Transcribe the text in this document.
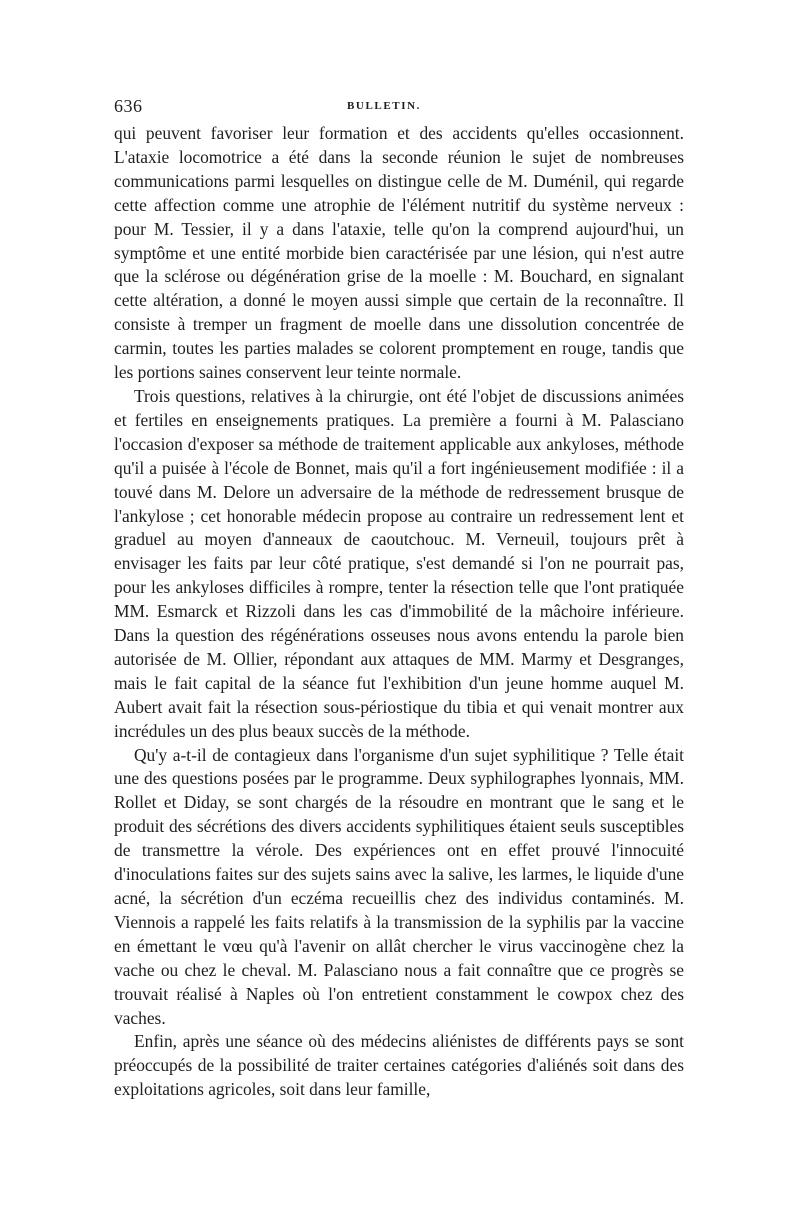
636	BULLETIN.

qui peuvent favoriser leur formation et des accidents qu'elles occasionnent. L'ataxie locomotrice a été dans la seconde réunion le sujet de nombreuses communications parmi lesquelles on distingue celle de M. Duménil, qui regarde cette affection comme une atrophie de l'élément nutritif du système nerveux : pour M. Tessier, il y a dans l'ataxie, telle qu'on la comprend aujourd'hui, un symptôme et une entité morbide bien caractérisée par une lésion, qui n'est autre que la sclérose ou dégénération grise de la moelle : M. Bouchard, en signalant cette altération, a donné le moyen aussi simple que certain de la reconnaître. Il consiste à tremper un fragment de moelle dans une dissolution concentrée de carmin, toutes les parties malades se colorent promptement en rouge, tandis que les portions saines conservent leur teinte normale.

Trois questions, relatives à la chirurgie, ont été l'objet de discussions animées et fertiles en enseignements pratiques. La première a fourni à M. Palasciano l'occasion d'exposer sa méthode de traitement applicable aux ankyloses, méthode qu'il a puisée à l'école de Bonnet, mais qu'il a fort ingénieusement modifiée : il a touvé dans M. Delore un adversaire de la méthode de redressement brusque de l'ankylose ; cet honorable médecin propose au contraire un redressement lent et graduel au moyen d'anneaux de caoutchouc. M. Verneuil, toujours prêt à envisager les faits par leur côté pratique, s'est demandé si l'on ne pourrait pas, pour les ankyloses difficiles à rompre, tenter la résection telle que l'ont pratiquée MM. Esmarck et Rizzoli dans les cas d'immobilité de la mâchoire inférieure. Dans la question des régénérations osseuses nous avons entendu la parole bien autorisée de M. Ollier, répondant aux attaques de MM. Marmy et Desgranges, mais le fait capital de la séance fut l'exhibition d'un jeune homme auquel M. Aubert avait fait la résection sous-périostique du tibia et qui venait montrer aux incrédules un des plus beaux succès de la méthode.

Qu'y a-t-il de contagieux dans l'organisme d'un sujet syphilitique ? Telle était une des questions posées par le programme. Deux syphilographes lyonnais, MM. Rollet et Diday, se sont chargés de la résoudre en montrant que le sang et le produit des sécrétions des divers accidents syphilitiques étaient seuls susceptibles de transmettre la vérole. Des expériences ont en effet prouvé l'innocuité d'inoculations faites sur des sujets sains avec la salive, les larmes, le liquide d'une acné, la sécrétion d'un eczéma recueillis chez des individus contaminés. M. Viennois a rappelé les faits relatifs à la transmission de la syphilis par la vaccine en émettant le vœu qu'à l'avenir on allât chercher le virus vaccinogène chez la vache ou chez le cheval. M. Palasciano nous a fait connaître que ce progrès se trouvait réalisé à Naples où l'on entretient constamment le cowpox chez des vaches.

Enfin, après une séance où des médecins aliénistes de différents pays se sont préoccupés de la possibilité de traiter certaines catégories d'aliénés soit dans des exploitations agricoles, soit dans leur famille,
